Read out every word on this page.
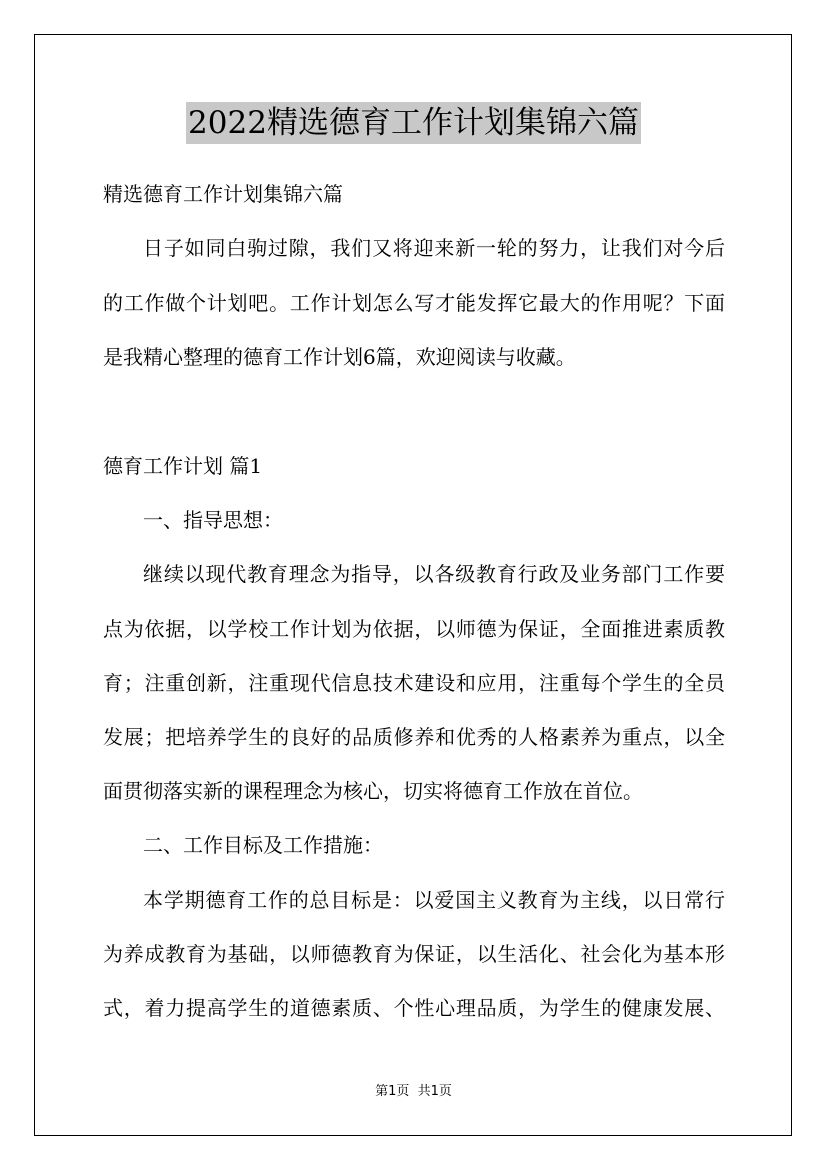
2022精选德育工作计划集锦六篇
精选德育工作计划集锦六篇
日子如同白驹过隙，我们又将迎来新一轮的努力，让我们对今后
的工作做个计划吧。工作计划怎么写才能发挥它最大的作用呢？下面
是我精心整理的德育工作计划6篇，欢迎阅读与收藏。
德育工作计划 篇1
一、指导思想：
继续以现代教育理念为指导，以各级教育行政及业务部门工作要
点为依据，以学校工作计划为依据，以师德为保证，全面推进素质教
育；注重创新，注重现代信息技术建设和应用，注重每个学生的全员
发展；把培养学生的良好的品质修养和优秀的人格素养为重点，以全
面贯彻落实新的课程理念为核心，切实将德育工作放在首位。
二、工作目标及工作措施：
本学期德育工作的总目标是：以爱国主义教育为主线，以日常行
为养成教育为基础，以师德教育为保证，以生活化、社会化为基本形
式，着力提高学生的道德素质、个性心理品质，为学生的健康发展、
第1页  共1页
